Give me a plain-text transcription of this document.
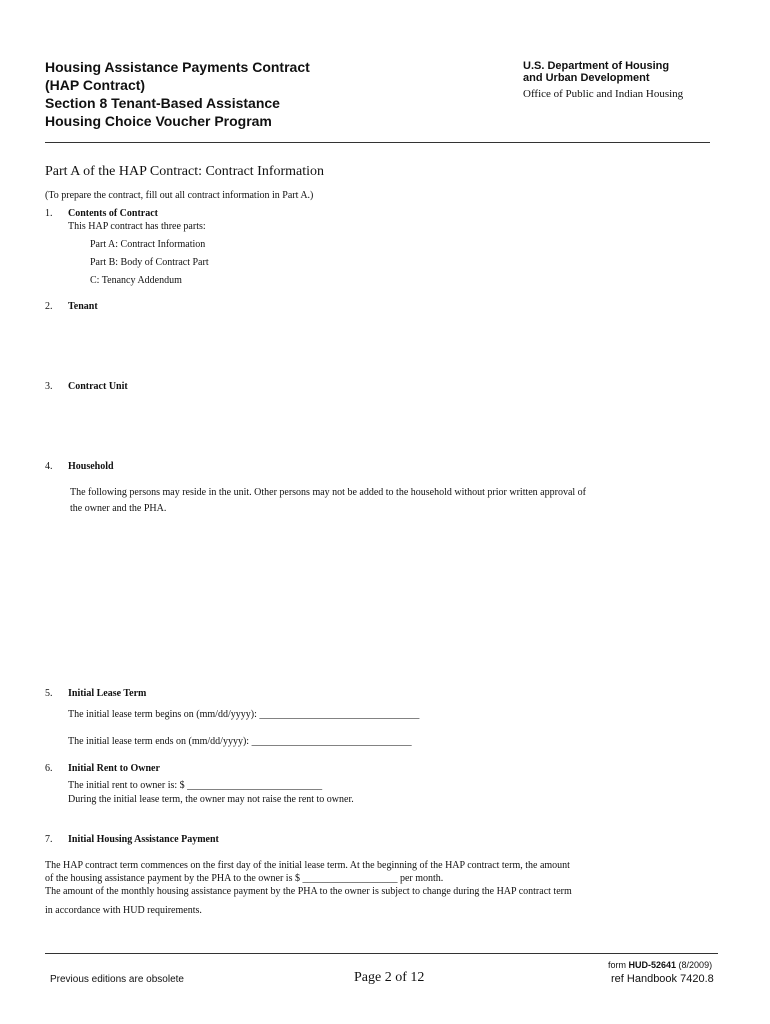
Housing Assistance Payments Contract
(HAP Contract)
Section 8 Tenant-Based Assistance
Housing Choice Voucher Program
U.S. Department of Housing
and Urban Development
Office of Public and Indian Housing
Part A of the HAP Contract: Contract Information
(To prepare the contract, fill out all contract information in Part A.)
1. Contents of Contract
This HAP contract has three parts:
Part A: Contract Information
Part B: Body of Contract Part
C: Tenancy Addendum
2. Tenant
3. Contract Unit
4. Household
The following persons may reside in the unit. Other persons may not be added to the household without prior written approval of
the owner and the PHA.
5. Initial Lease Term
The initial lease term begins on (mm/dd/yyyy): ________________________________
The initial lease term ends on (mm/dd/yyyy): ________________________________
6. Initial Rent to Owner
The initial rent to owner is: $ ___________________________
During the initial lease term, the owner may not raise the rent to owner.
7. Initial Housing Assistance Payment
The HAP contract term commences on the first day of the initial lease term. At the beginning of the HAP contract term, the amount
of the housing assistance payment by the PHA to the owner is $ ___________________ per month.
The amount of the monthly housing assistance payment by the PHA to the owner is subject to change during the HAP contract term
in accordance with HUD requirements.
form HUD-52641 (8/2009)
Previous editions are obsolete	Page 2 of 12	ref Handbook 7420.8
